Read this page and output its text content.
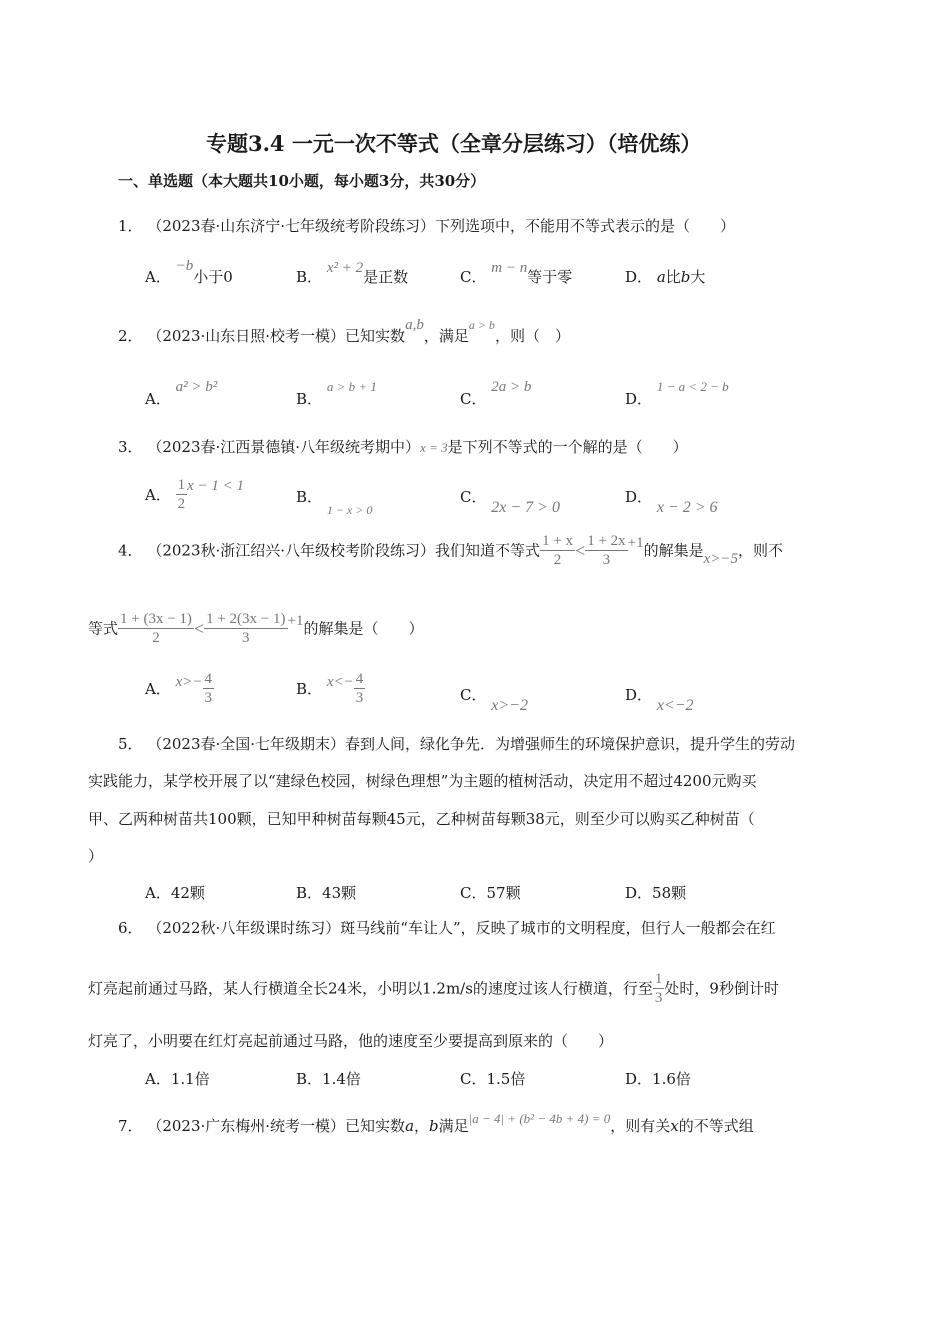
专题3.4 一元一次不等式（全章分层练习）（培优练）
一、单选题（本大题共10小题，每小题3分，共30分）
1． （2023春·山东济宁·七年级统考阶段练习）下列选项中，不能用不等式表示的是（　　）
A． −b小于0	B． x² + 2是正数	C． m − n等于零	D． a比b大
2． （2023·山东日照·校考一模）已知实数a,b，满足$^{a > b}$，则（　）
A． a² > b²
B． a > b + 1
C． 2a > b
D． 1 − a < 2 − b
3． （2023春·江西景德镇·八年级统考期中）x = 3是下列不等式的一个解的是（　　）
A． $\frac{1}{2}$ x − 1 < 1
B． $_{1 - x > 0}$
C． 2x − 7 > 0
D． x − 2 > 6
4． （2023秋·浙江绍兴·八年级校考阶段练习）我们知道不等式 $\frac{1 + x}{2} < \frac{1 + 2x}{3} +1$的解集是x>−5，则不
等式 $\frac{1 + (3x - 1)}{2} < \frac{1 + 2(3x - 1)}{3} +1$的解集是（　　）
A． $x>- \frac{4}{3}$	B． $x<- \frac{4}{3}$	C． x>−2
D． x<−2
5． （2023春·全国·七年级期末）春到人间，绿化争先．为增强师生的环境保护意识，提升学生的劳动
实践能力，某学校开展了以“建绿色校园，树绿色理想”为主题的植树活动，决定用不超过4200元购买
甲、乙两种树苗共100颗，已知甲种树苗每颗45元，乙种树苗每颗38元，则至少可以购买乙种树苗（
）
A．42颗	B．43颗	C．57颗	D．58颗
6． （2022秋·八年级课时练习）斑马线前“车让人”，反映了城市的文明程度，但行人一般都会在红
灯亮起前通过马路，某人行横道全长24米，小明以1.2m/s的速度过该人行横道，行至 $\frac{1}{3}$ 处时，9秒倒计时
灯亮了，小明要在红灯亮起前通过马路，他的速度至少要提高到原来的（　　）
A．1.1倍	B．1.4倍	C．1.5倍	D．1.6倍
7． （2023·广东梅州·统考一模）已知实数a，b满足|a − 4| + (b² − 4b + 4) = 0，则有关x的不等式组
